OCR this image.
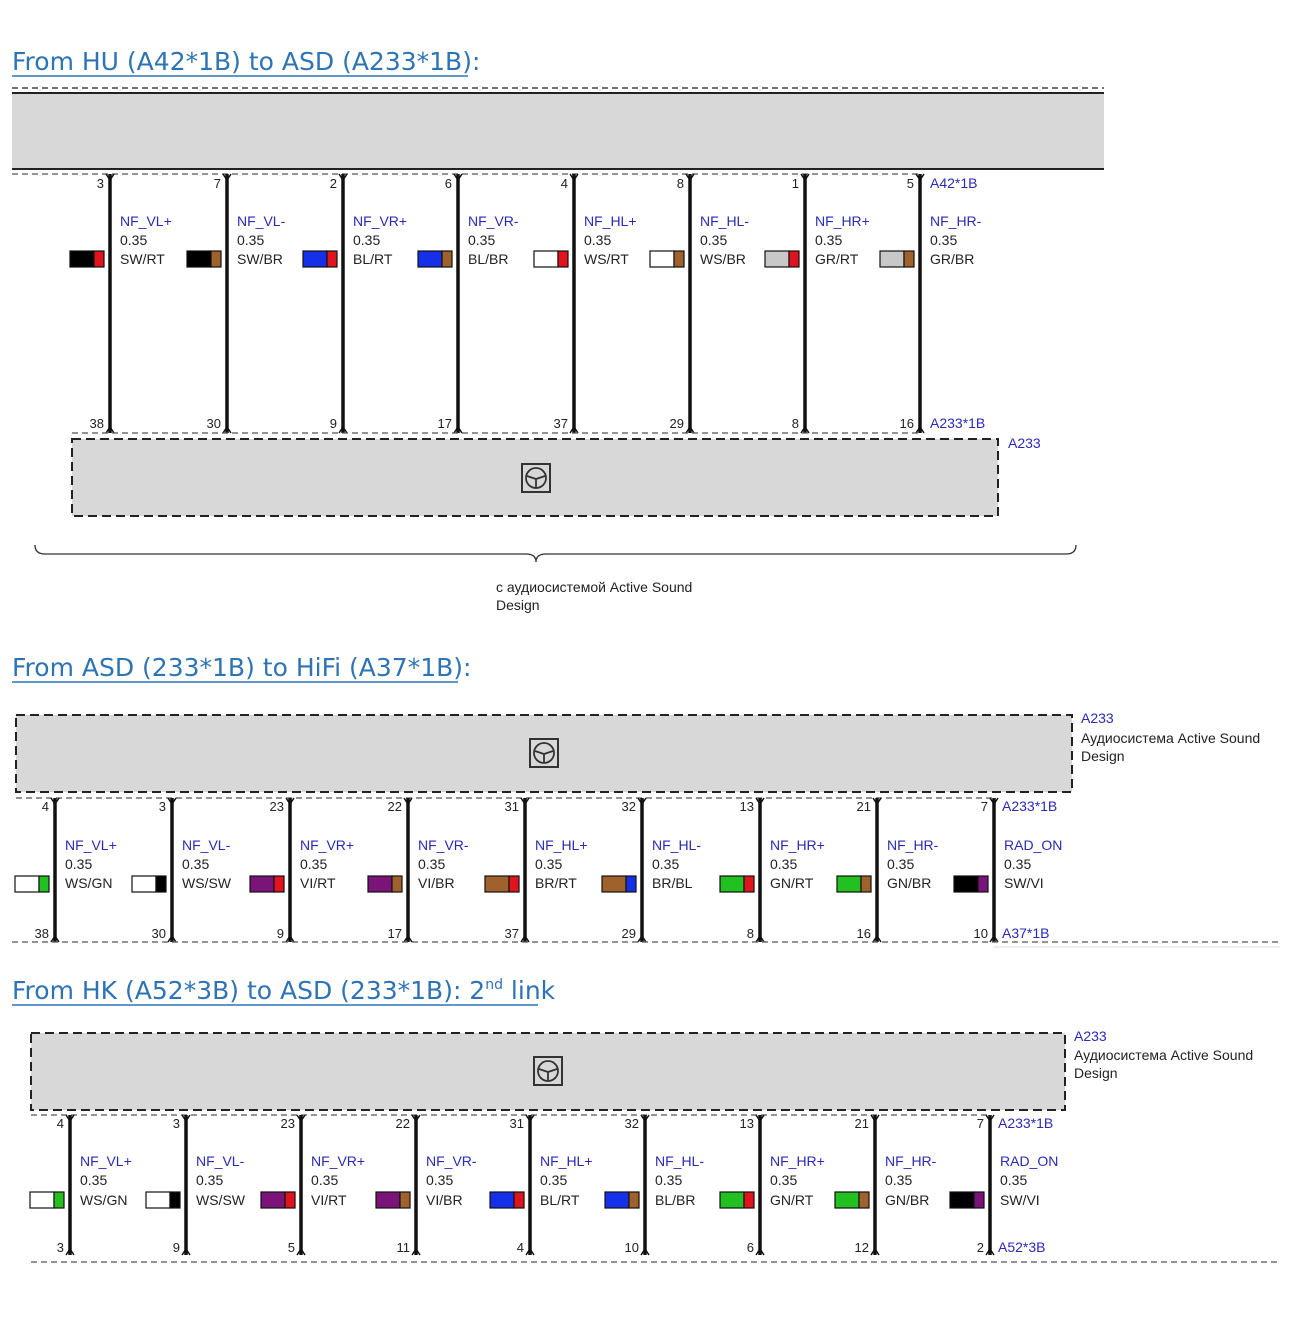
From HU (A42*1B) to ASD (A233*1B):
A42*1B
3
38
NF_VL+
0.35
SW/RT
7
30
NF_VL-
0.35
SW/BR
2
9
NF_VR+
0.35
BL/RT
6
17
NF_VR-
0.35
BL/BR
4
37
NF_HL+
0.35
WS/RT
8
29
NF_HL-
0.35
WS/BR
1
8
NF_HR+
0.35
GR/RT
5
16
NF_HR-
0.35
GR/BR
A233*1B
A233
с аудиосистемой Active Sound
Design
From ASD (233*1B) to HiFi (A37*1B):
A233
Аудиосистема Active Sound
Design
A233*1B
4
38
NF_VL+
0.35
WS/GN
3
30
NF_VL-
0.35
WS/SW
23
9
NF_VR+
0.35
VI/RT
22
17
NF_VR-
0.35
VI/BR
31
37
NF_HL+
0.35
BR/RT
32
29
NF_HL-
0.35
BR/BL
13
8
NF_HR+
0.35
GN/RT
21
16
NF_HR-
0.35
GN/BR
7
10
RAD_ON
0.35
SW/VI
A37*1B
From HK (A52*3B) to ASD (233*1B): 2nd link
A233
Аудиосистема Active Sound
Design
A233*1B
4
3
NF_VL+
0.35
WS/GN
3
9
NF_VL-
0.35
WS/SW
23
5
NF_VR+
0.35
VI/RT
22
11
NF_VR-
0.35
VI/BR
31
4
NF_HL+
0.35
BL/RT
32
10
NF_HL-
0.35
BL/BR
13
6
NF_HR+
0.35
GN/RT
21
12
NF_HR-
0.35
GN/BR
7
2
RAD_ON
0.35
SW/VI
A52*3B
